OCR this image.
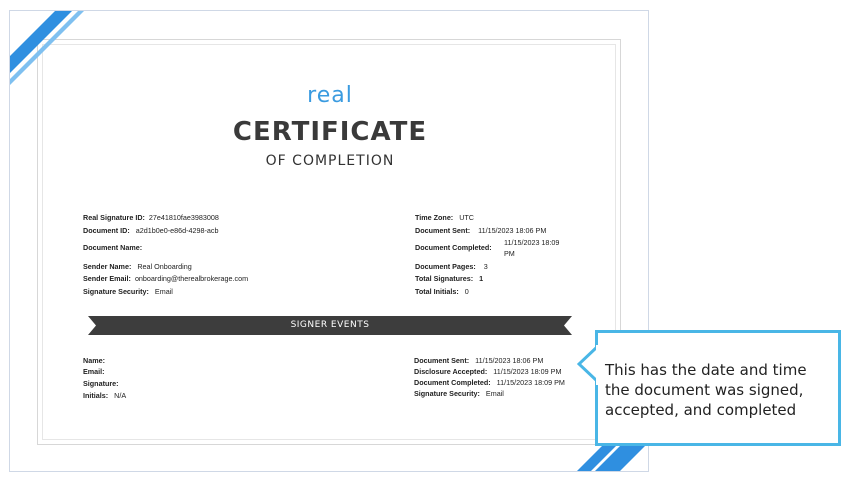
real
CERTIFICATE
OF COMPLETION
Real Signature ID: 27e41810fae3983008
Document ID: a2d1b0e0-e86d-4298-acb
Document Name:
Sender Name: Real Onboarding
Sender Email: onboarding@therealbrokerage.com
Signature Security: Email
Time Zone: UTC
Document Sent: 11/15/2023 18:06 PM
Document Completed:
11/15/2023 18:09
PM
Document Pages: 3
Total Signatures: 1
Total Initials: 0
SIGNER EVENTS
Name:
Email:
Signature:
Initials: N/A
Document Sent: 11/15/2023 18:06 PM
Disclosure Accepted: 11/15/2023 18:09 PM
Document Completed: 11/15/2023 18:09 PM
Signature Security: Email
This has the date and time the document was signed, accepted, and completed
